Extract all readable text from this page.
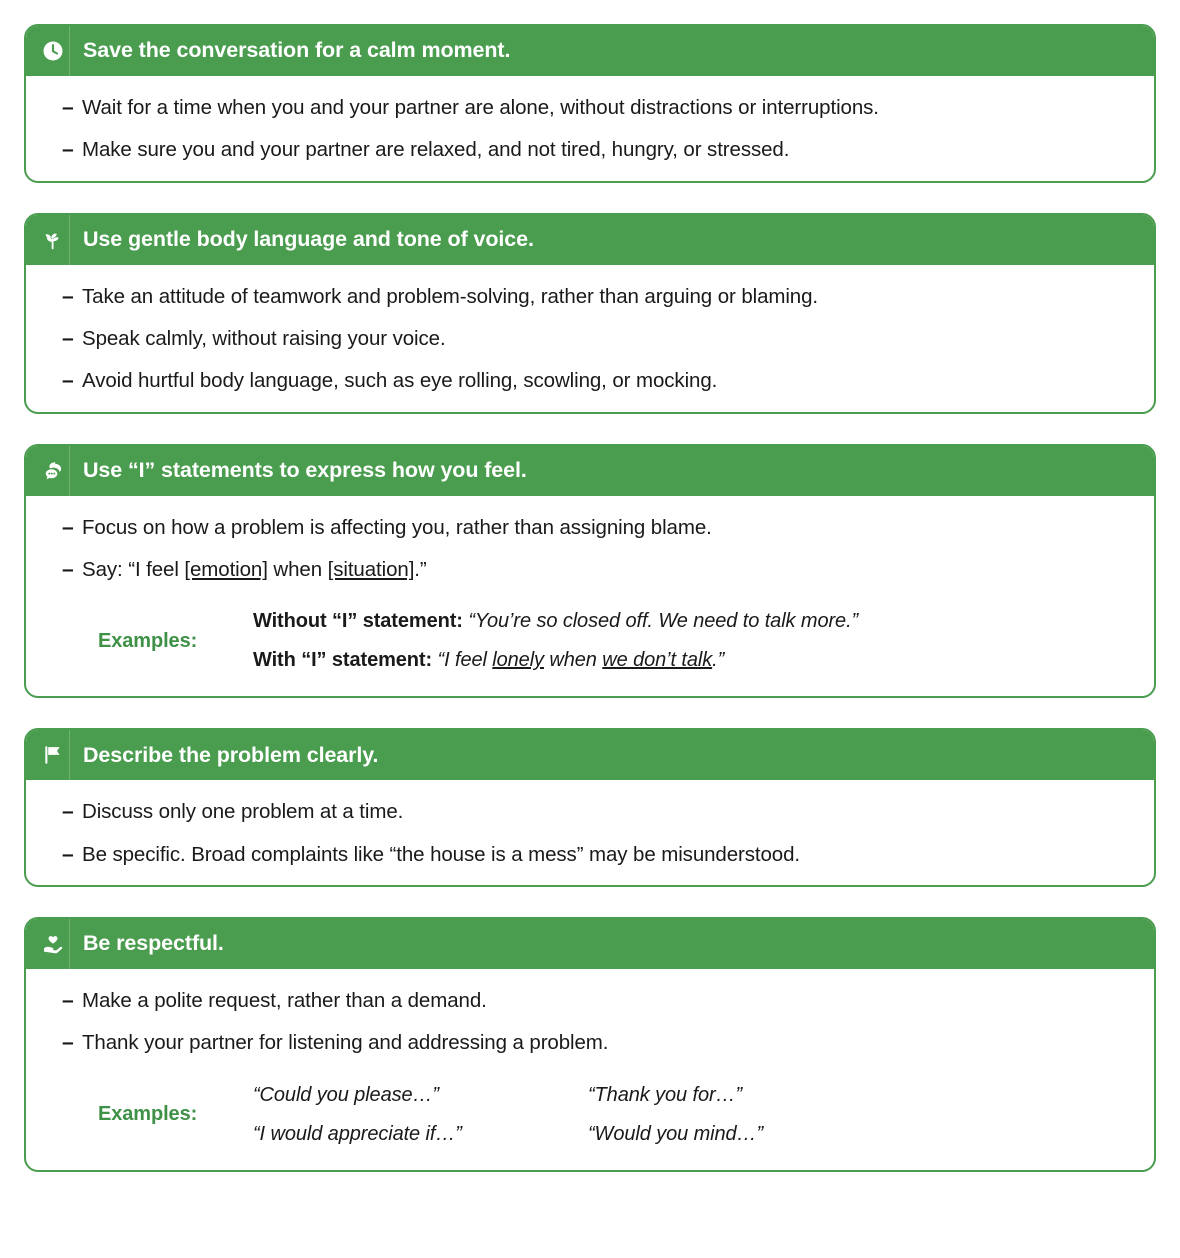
Save the conversation for a calm moment.
– Wait for a time when you and your partner are alone, without distractions or interruptions.
– Make sure you and your partner are relaxed, and not tired, hungry, or stressed.
Use gentle body language and tone of voice.
– Take an attitude of teamwork and problem-solving, rather than arguing or blaming.
– Speak calmly, without raising your voice.
– Avoid hurtful body language, such as eye rolling, scowling, or mocking.
Use “I” statements to express how you feel.
– Focus on how a problem is affecting you, rather than assigning blame.
– Say: “I feel [emotion] when [situation].”
Examples:
Without “I” statement: “You’re so closed off. We need to talk more.”
With “I” statement: “I feel lonely when we don’t talk.”
Describe the problem clearly.
– Discuss only one problem at a time.
– Be specific. Broad complaints like “the house is a mess” may be misunderstood.
Be respectful.
– Make a polite request, rather than a demand.
– Thank your partner for listening and addressing a problem.
Examples:
“Could you please…”	“Thank you for…”
“I would appreciate if…”	“Would you mind…”
